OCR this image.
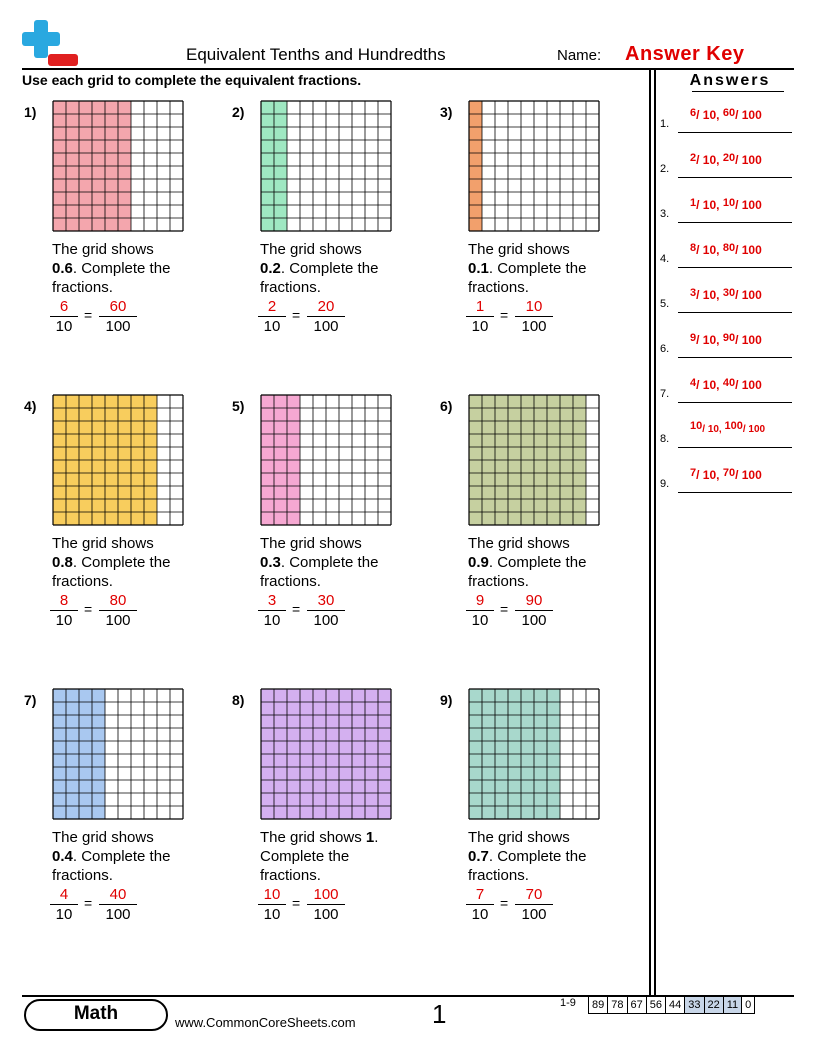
Equivalent Tenths and Hundredths	Name: Answer Key
Use each grid to complete the equivalent fractions.
1)
The grid shows
0.6. Complete the fractions.
6
10
=	60
100
2)
The grid shows
0.2. Complete the fractions.
2
10
=	20
100
3)
The grid shows
0.1. Complete the fractions.
1
10
=	10
100
4)
The grid shows
0.8. Complete the fractions.
8
10
=	80
100
5)
The grid shows
0.3. Complete the fractions.
3
10
=	30
100
6)
The grid shows
0.9. Complete the fractions.
9
10
=	90
100
7)
The grid shows
0.4. Complete the fractions.
4
10
=	40
100
8)
The grid shows 1. Complete the fractions.
10
10
= 100
100
9)
The grid shows
0.7. Complete the fractions.
7
10
=	70
100
Answers
1.
$^6$/ 10, $^{60}$/ 100
2.
$^2$/ 10, $^{20}$/ 100
3.
$^1$/ 10, $^{10}$/ 100
4.
$^8$/ 10, $^{80}$/ 100
5.
$^3$/ 10, $^{30}$/ 100
6.
$^9$/ 10, $^{90}$/ 100
7.
$^4$/ 10, $^{40}$/ 100
8.
$^{10}$/ 10, $^{100}$/ 100
9.
$^7$/ 10, $^{70}$/ 100
Math	www.CommonCoreSheets.com	1	1-9 89	78	67	56	44	33	22	11	0
